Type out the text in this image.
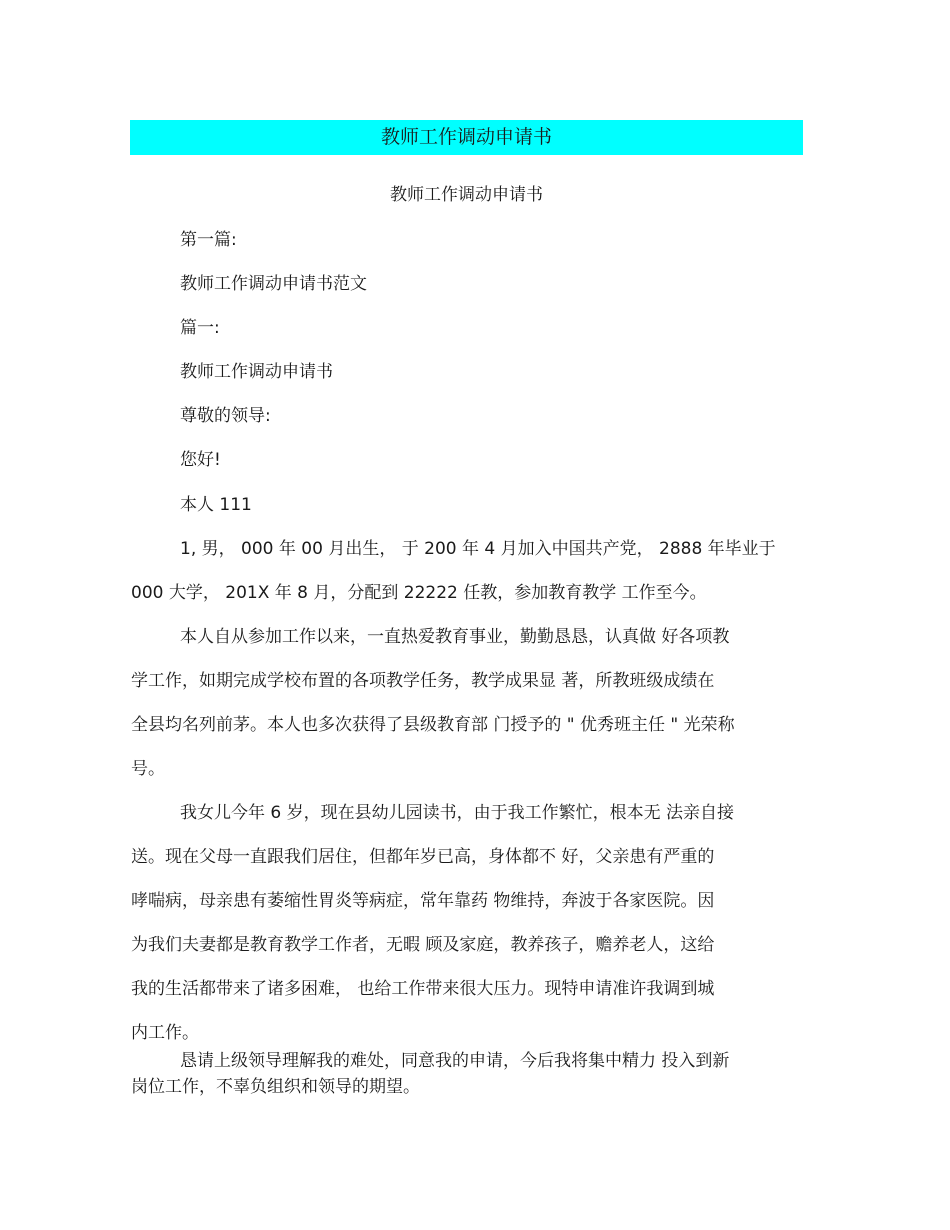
教师工作调动申请书
教师工作调动申请书
第一篇:
教师工作调动申请书范文
篇一:
教师工作调动申请书
尊敬的领导:
您好!
本人 111
1, 男， 000 年 00 月出生， 于 200 年 4 月加入中国共产党， 2888 年毕业于
000 大学， 201X 年 8 月，分配到 22222 任教，参加教育教学 工作至今。
本人自从参加工作以来，一直热爱教育事业，勤勤恳恳，认真做 好各项教
学工作，如期完成学校布置的各项教学任务，教学成果显 著，所教班级成绩在
全县均名列前茅。本人也多次获得了县级教育部 门授予的 " 优秀班主任 " 光荣称
号。
我女儿今年 6 岁，现在县幼儿园读书，由于我工作繁忙，根本无 法亲自接
送。现在父母一直跟我们居住，但都年岁已高，身体都不 好，父亲患有严重的
哮喘病，母亲患有萎缩性胃炎等病症，常年靠药 物维持，奔波于各家医院。因
为我们夫妻都是教育教学工作者，无暇 顾及家庭，教养孩子，赡养老人，这给
我的生活都带来了诸多困难， 也给工作带来很大压力。现特申请准许我调到城
内工作。
恳请上级领导理解我的难处，同意我的申请，今后我将集中精力 投入到新
岗位工作，不辜负组织和领导的期望。
